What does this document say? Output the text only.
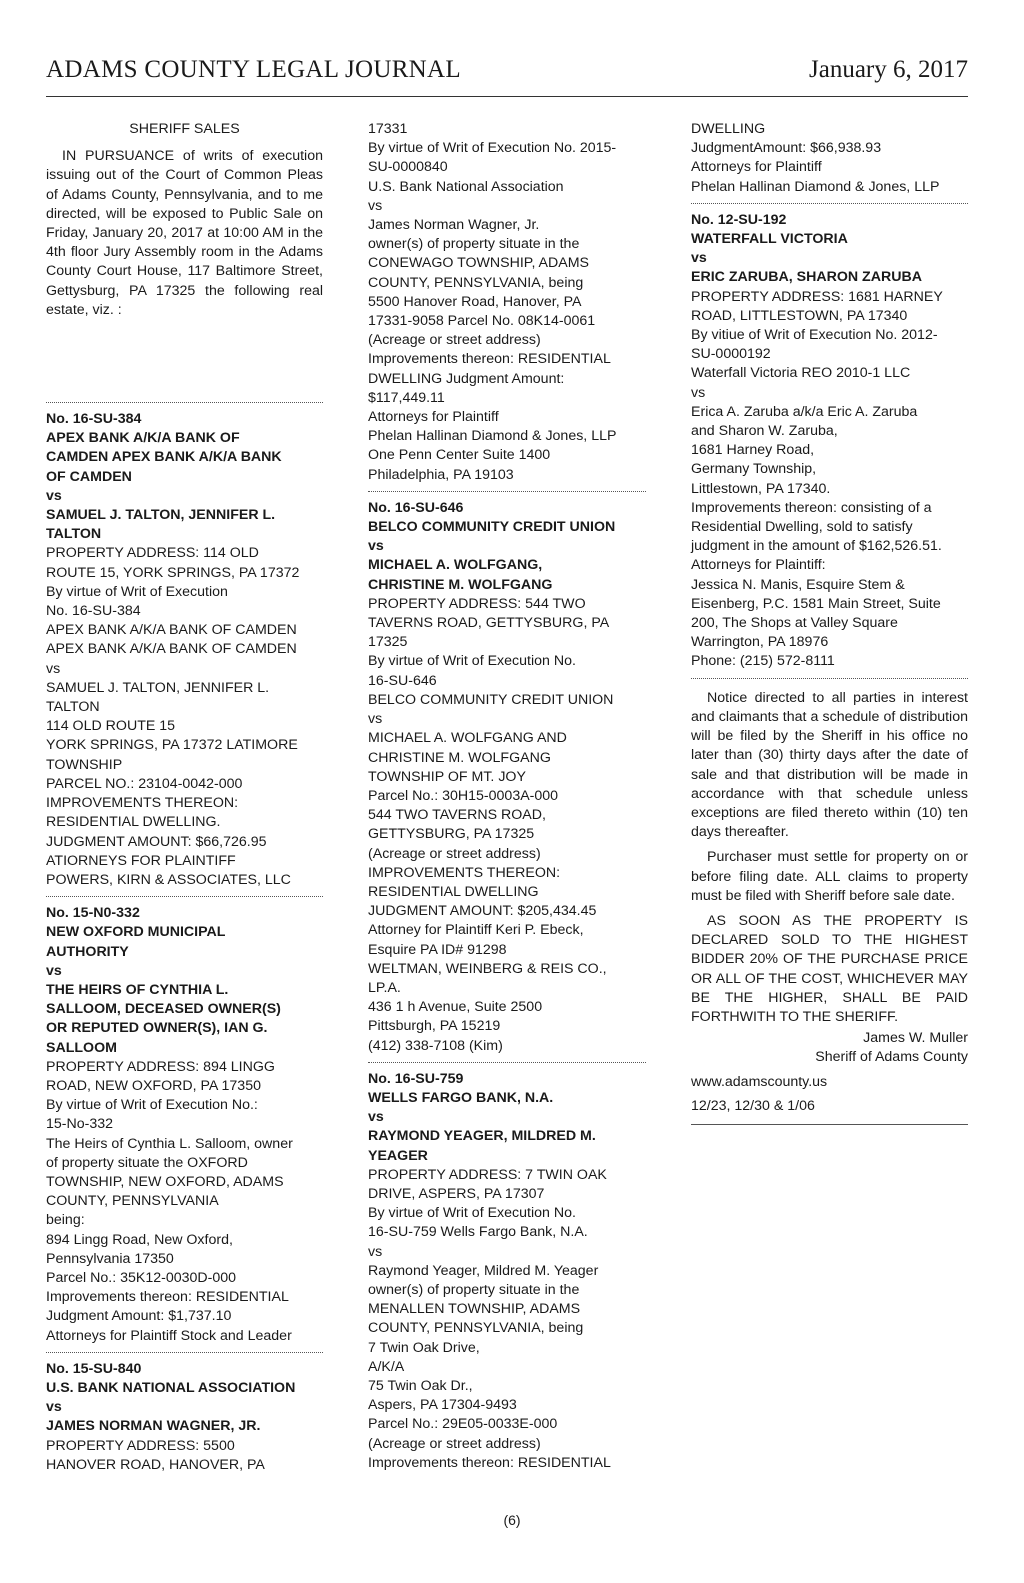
ADAMS COUNTY LEGAL JOURNAL	January 6, 2017
SHERIFF SALES

IN PURSUANCE of writs of execution issuing out of the Court of Common Pleas of Adams County, Pennsylvania, and to me directed, will be exposed to Public Sale on Friday, January 20, 2017 at 10:00 AM in the 4th floor Jury Assembly room in the Adams County Court House, 117 Baltimore Street, Gettysburg, PA 17325 the following real estate, viz. :

No. 16-SU-384
APEX BANK A/K/A BANK OF
CAMDEN APEX BANK A/K/A BANK
OF CAMDEN
vs
SAMUEL J. TALTON, JENNIFER L.
TALTON
PROPERTY ADDRESS: 114 OLD
ROUTE 15, YORK SPRINGS, PA 17372
By virtue of Writ of Execution
No. 16-SU-384
APEX BANK A/K/A BANK OF CAMDEN
APEX BANK A/K/A BANK OF CAMDEN
vs
SAMUEL J. TALTON, JENNIFER L.
TALTON
114 OLD ROUTE 15
YORK SPRINGS, PA 17372 LATIMORE
TOWNSHIP
PARCEL NO.: 23104-0042-000
IMPROVEMENTS THEREON:
RESIDENTIAL DWELLING.
JUDGMENT AMOUNT: $66,726.95
ATIORNEYS FOR PLAINTIFF
POWERS, KIRN & ASSOCIATES, LLC
No. 15-N0-332
NEW OXFORD MUNICIPAL
AUTHORITY
vs
THE HEIRS OF CYNTHIA L.
SALLOOM, DECEASED OWNER(S)
OR REPUTED OWNER(S), IAN G.
SALLOOM
PROPERTY ADDRESS: 894 LINGG
ROAD, NEW OXFORD, PA 17350
By virtue of Writ of Execution No.:
15-No-332
The Heirs of Cynthia L. Salloom, owner
of property situate the OXFORD
TOWNSHIP, NEW OXFORD, ADAMS
COUNTY, PENNSYLVANIA
being:
894 Lingg Road, New Oxford,
Pennsylvania 17350
Parcel No.: 35K12-0030D-000
Improvements thereon: RESIDENTIAL
Judgment Amount: $1,737.10
Attorneys for Plaintiff Stock and Leader
No. 15-SU-840
U.S. BANK NATIONAL ASSOCIATION
vs
JAMES NORMAN WAGNER, JR.
PROPERTY ADDRESS: 5500
HANOVER ROAD, HANOVER, PA
17331
By virtue of Writ of Execution No. 2015-
SU-0000840
U.S. Bank National Association
vs
James Norman Wagner, Jr.
owner(s) of property situate in the
CONEWAGO TOWNSHIP, ADAMS
COUNTY, PENNSYLVANIA, being
5500 Hanover Road, Hanover, PA
17331-9058 Parcel No. 08K14-0061
(Acreage or street address)
Improvements thereon: RESIDENTIAL
DWELLING Judgment Amount:
$117,449.11
Attorneys for Plaintiff
Phelan Hallinan Diamond & Jones, LLP
One Penn Center Suite 1400
Philadelphia, PA 19103
No. 16-SU-646
BELCO COMMUNITY CREDIT UNION
vs
MICHAEL A. WOLFGANG,
CHRISTINE M. WOLFGANG
PROPERTY ADDRESS: 544 TWO
TAVERNS ROAD, GETTYSBURG, PA
17325
By virtue of Writ of Execution No.
16-SU-646
BELCO COMMUNITY CREDIT UNION
vs
MICHAEL A. WOLFGANG AND
CHRISTINE M. WOLFGANG
TOWNSHIP OF MT. JOY
Parcel No.: 30H15-0003A-000
544 TWO TAVERNS ROAD,
GETTYSBURG, PA 17325
(Acreage or street address)
IMPROVEMENTS THEREON:
RESIDENTIAL DWELLING
JUDGMENT AMOUNT: $205,434.45
Attorney for Plaintiff Keri P. Ebeck,
Esquire PA ID# 91298
WELTMAN, WEINBERG & REIS CO.,
LP.A.
436 1 h Avenue, Suite 2500
Pittsburgh, PA 15219
(412) 338-7108 (Kim)
No. 16-SU-759
WELLS FARGO BANK, N.A.
vs
RAYMOND YEAGER, MILDRED M.
YEAGER
PROPERTY ADDRESS: 7 TWIN OAK
DRIVE, ASPERS, PA 17307
By virtue of Writ of Execution No.
16-SU-759 Wells Fargo Bank, N.A.
vs
Raymond Yeager, Mildred M. Yeager
owner(s) of property situate in the
MENALLEN TOWNSHIP, ADAMS
COUNTY, PENNSYLVANIA, being
7 Twin Oak Drive,
A/K/A
75 Twin Oak Dr.,
Aspers, PA 17304-9493
Parcel No.: 29E05-0033E-000
(Acreage or street address)
Improvements thereon: RESIDENTIAL
DWELLING
JudgmentAmount: $66,938.93
Attorneys for Plaintiff
Phelan Hallinan Diamond & Jones, LLP
No. 12-SU-192
WATERFALL VICTORIA
vs
ERIC ZARUBA, SHARON ZARUBA
PROPERTY ADDRESS: 1681 HARNEY
ROAD, LITTLESTOWN, PA 17340
By vitiue of Writ of Execution No. 2012-
SU-0000192
Waterfall Victoria REO 2010-1 LLC
vs
Erica A. Zaruba a/k/a Eric A. Zaruba
and Sharon W. Zaruba,
1681 Harney Road,
Germany Township,
Littlestown, PA 17340.
Improvements thereon: consisting of a
Residential Dwelling, sold to satisfy
judgment in the amount of $162,526.51.
Attorneys for Plaintiff:
Jessica N. Manis, Esquire Stem &
Eisenberg, P.C. 1581 Main Street, Suite
200, The Shops at Valley Square
Warrington, PA 18976
Phone: (215) 572-8111

Notice directed to all parties in interest and claimants that a schedule of distribution will be filed by the Sheriff in his office no later than (30) thirty days after the date of sale and that distribution will be made in accordance with that schedule unless exceptions are filed thereto within (10) ten days thereafter.

Purchaser must settle for property on or before filing date. ALL claims to property must be filed with Sheriff before sale date.

AS SOON AS THE PROPERTY IS DECLARED SOLD TO THE HIGHEST BIDDER 20% OF THE PURCHASE PRICE OR ALL OF THE COST, WHICHEVER MAY BE THE HIGHER, SHALL BE PAID FORTHWITH TO THE SHERIFF.

James W. Muller
Sheriff of Adams County
www.adamscounty.us
12/23, 12/30 & 1/06
(6)
